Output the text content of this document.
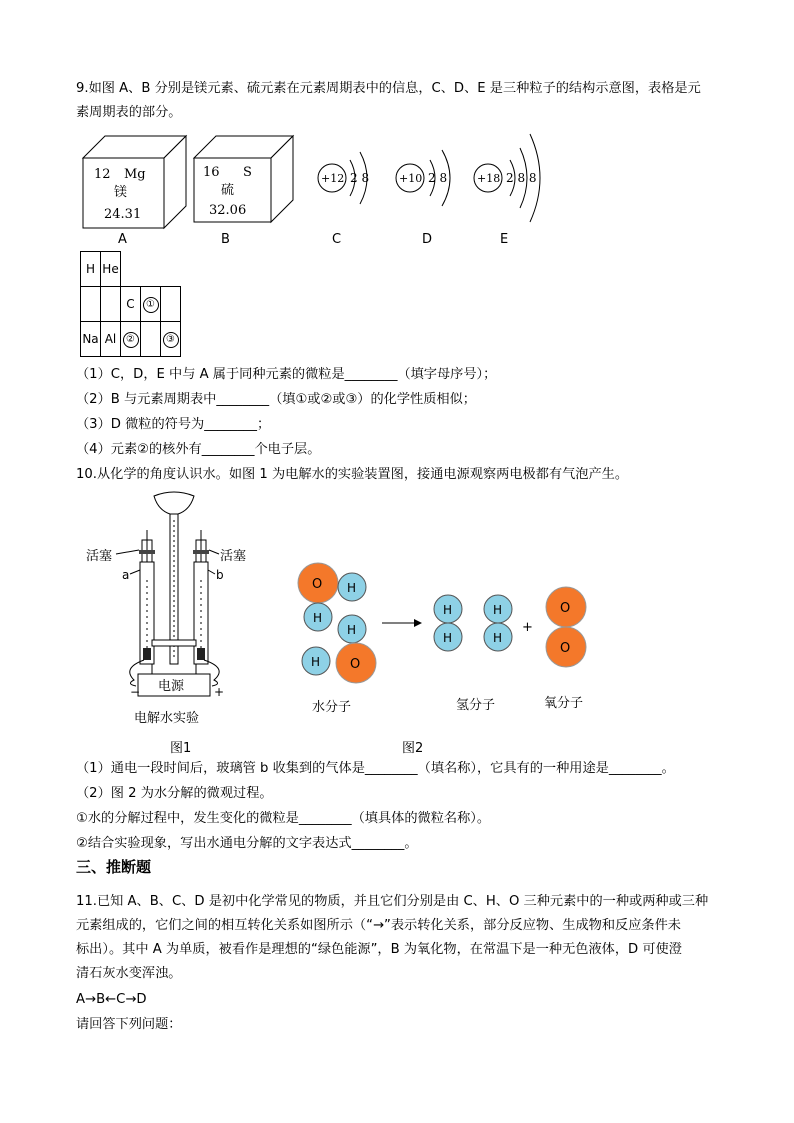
9.如图 A、B 分别是镁元素、硫元素在元素周期表中的信息，C、D、E 是三种粒子的结构示意图，表格是元
素周期表的部分。
12 Mg
镁
24.31
A
16 S
硫
32.06
B
+12 2 8
C
+10 2 8
D
+18 2 8 8
E
H	He			
		C	①	
Na	Al	②		③
（1）C，D，E 中与 A 属于同种元素的微粒是________（填字母序号）；
（2）B 与元素周期表中________（填①或②或③）的化学性质相似；
（3）D 微粒的符号为________；
（4）元素②的核外有________个电子层。
10.从化学的角度认识水。如图 1 为电解水的实验装置图，接通电源观察两电极都有气泡产生。
电源
−	+
活塞	活塞
a	b
电解水实验
图1
O H
H
H
H O
H
H
H
H
+
O
O
水分子	氢分子	氧分子
图2
（1）通电一段时间后，玻璃管 b 收集到的气体是________（填名称），它具有的一种用途是________。
（2）图 2 为水分解的微观过程。
①水的分解过程中，发生变化的微粒是________（填具体的微粒名称）。
②结合实验现象，写出水通电分解的文字表达式________。
三、推断题
11.已知 A、B、C、D 是初中化学常见的物质，并且它们分别是由 C、H、O 三种元素中的一种或两种或三种
元素组成的，它们之间的相互转化关系如图所示（“→”表示转化关系，部分反应物、生成物和反应条件未
标出）。其中 A 为单质，被看作是理想的“绿色能源”，B 为氧化物，在常温下是一种无色液体，D 可使澄
清石灰水变浑浊。
A→B←C→D
请回答下列问题：
